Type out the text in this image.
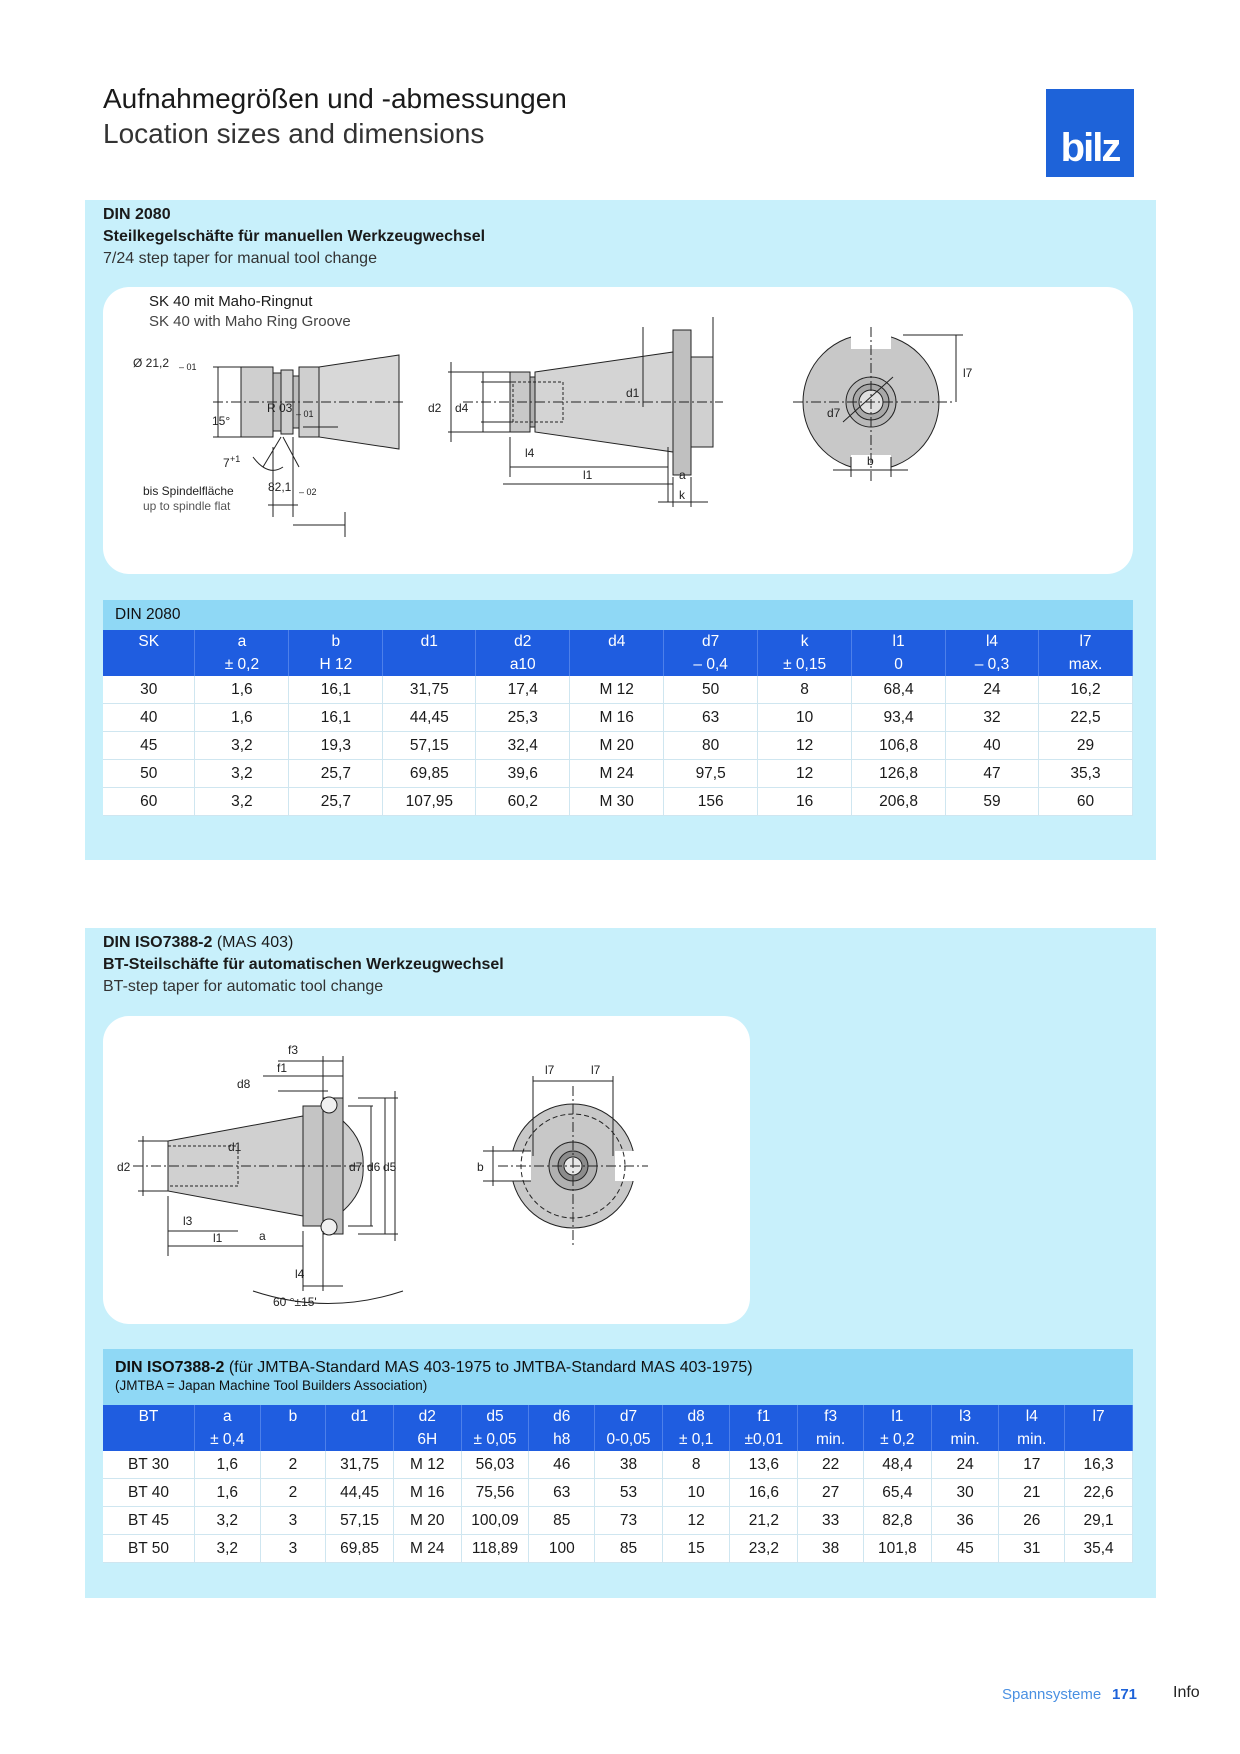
Aufnahmegrößen und -abmessungen
Location sizes and dimensions	bilz
DIN 2080
Steilkegelschäfte für manuellen Werkzeugwechsel
7/24 step taper for manual tool change
SK 40 mit Maho-Ringnut
SK 40 with Maho Ring Groove
Ø 21,2 – 01
R 03 – 01
15°
7 +1
82,1 – 02
bis Spindelfläche
up to spindle flat
d2 d4
d1
l4
l1	a
k
l7
d7
b
DIN 2080										
SK	a	b	d1	d2	d4	d7	k	l1	l4	l7
	± 0,2	H 12		a10		– 0,4	± 0,15	0	– 0,3	max.
30	1,6	16,1	31,75	17,4	M 12	50	8	68,4	24	16,2
40	1,6	16,1	44,45	25,3	M 16	63	10	93,4	32	22,5
45	3,2	19,3	57,15	32,4	M 20	80	12	106,8	40	29
50	3,2	25,7	69,85	39,6	M 24	97,5	12	126,8	47	35,3
60	3,2	25,7	107,95	60,2	M 30	156	16	206,8	59	60
DIN ISO7388-2 (MAS 403)
BT-Steilschäfte für automatischen Werkzeugwechsel
BT-step taper for automatic tool change
f3
f1
d8
d1
d2	d7 d6 d5
l3
l1	a
l4
60 °±15'
l7	l7
b
DIN ISO7388-2 (für JMTBA-Standard MAS 403-1975 to JMTBA-Standard MAS 403-1975)
(JMTBA = Japan Machine Tool Builders Association)														

BT	a	b	d1	d2	d5	d6	d7	d8	f1	f3	l1	l3	l4	l7
	± 0,4			6H	± 0,05	h8	0-0,05	± 0,1	±0,01	min.	± 0,2	min.	min.	
BT 30	1,6	2	31,75	M 12	56,03	46	38	8	13,6	22	48,4	24	17	16,3
BT 40	1,6	2	44,45	M 16	75,56	63	53	10	16,6	27	65,4	30	21	22,6
BT 45	3,2	3	57,15	M 20	100,09	85	73	12	21,2	33	82,8	36	26	29,1
BT 50	3,2	3	69,85	M 24	118,89	100	85	15	23,2	38	101,8	45	31	35,4
Spannsysteme 171 Info
